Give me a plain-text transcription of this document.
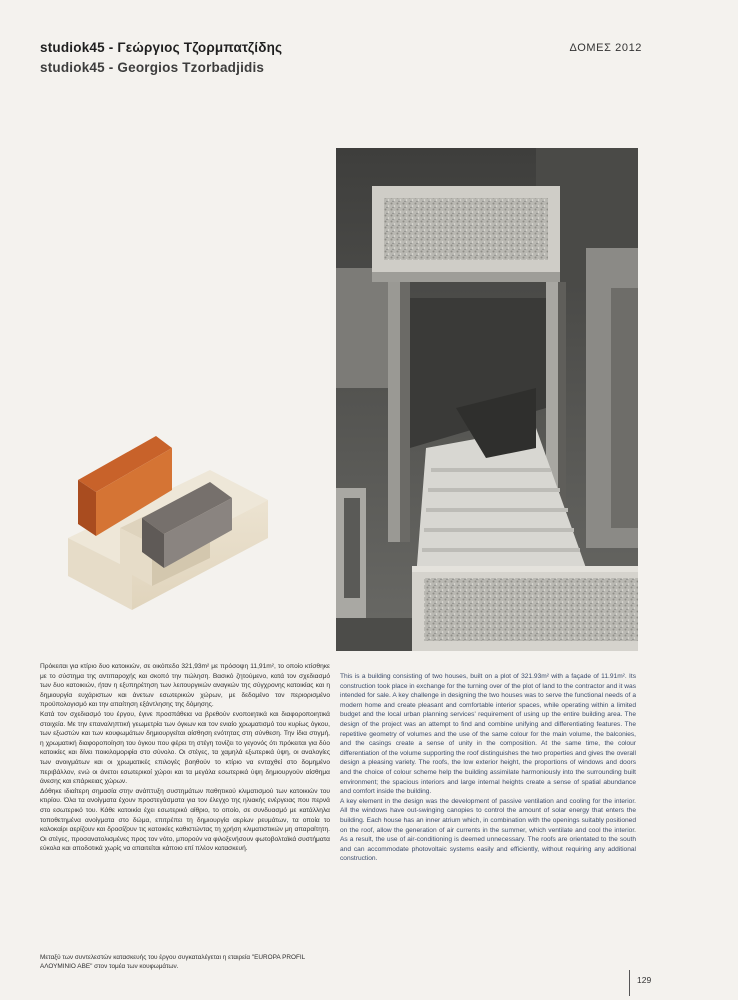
studiok45 - Γεώργιος Τζορμπατζίδης
studiok45 - Georgios Tzorbadjidis
ΔΟΜΕΣ 2012

Πρόκειται για κτίριο δυο κατοικιών, σε οικόπεδο 321,93m² με πρόσοψη 11,91m², το οποίο κτίσθηκε με το σύστημα της αντιπαροχής και σκοπό την πώληση. Βασικό ζητούμενο, κατά τον σχεδιασμό των δυο κατοικιών, ήταν η εξυπηρέτηση των λειτουργικών αναγκών της σύγχρονης κατοικίας και η δημιουργία ευχάριστων και άνετων εσωτερικών χώρων, με δεδομένο τον περιορισμένο προϋπολογισμό και την απαίτηση εξάντλησης της δόμησης.

Κατά τον σχεδιασμό του έργου, έγινε προσπάθεια να βρεθούν ενοποιητικά και διαφοροποιητικά στοιχεία. Με την επαναληπτική γεωμετρία των όγκων και τον ενιαίο χρωματισμό του κυρίως όγκου, των εξωστών και των κουφωμάτων δημιουργείται αίσθηση ενότητας στη σύνθεση. Την ίδια στιγμή, η χρωματική διαφοροποίηση του όγκου που φέρει τη στέγη τονίζει το γεγονός ότι πρόκειται για δύο κατοικίες και δίνει ποικιλομορφία στο σύνολο. Οι στέγες, τα χαμηλά εξωτερικά ύψη, οι αναλογίες των ανοιγμάτων και οι χρωματικές επιλογές βοηθούν το κτίριο να ενταχθεί στο δομημένο περιβάλλον, ενώ οι άνετοι εσωτερικοί χώροι και τα μεγάλα εσωτερικά ύψη δημιουργούν αίσθημα άνεσης και επάρκειας χώρων.

Δόθηκε ιδιαίτερη σημασία στην ανάπτυξη συστημάτων παθητικού κλιματισμού των κατοικιών του κτιρίου. Όλα τα ανοίγματα έχουν προστεγάσματα για τον έλεγχο της ηλιακής ενέργειας που περνά στο εσωτερικό του. Κάθε κατοικία έχει εσωτερικό αίθριο, το οποίο, σε συνδυασμό με κατάλληλα τοποθετημένα ανοίγματα στο δώμα, επιτρέπει τη δημιουργία αερίων ρευμάτων, τα οποία το καλοκαίρι αερίζουν και δροσίζουν τις κατοικίες καθιστώντας τη χρήση κλιματιστικών μη απαραίτητη. Οι στέγες, προσανατολισμένες προς τον νότο, μπορούν να φιλοξενήσουν φωτοβολταϊκά συστήματα εύκολα και αποδοτικά χωρίς να απαιτείται κάποιο επί πλέον κατασκευή.

Μεταξύ των συντελεστών κατασκευής του έργου συγκαταλέγεται η εταιρεία "EUROPA PROFIL ΑΛΟΥΜΙΝΙΟ ΑΒΕ" στον τομέα των κουφωμάτων.

This is a building consisting of two houses, built on a plot of 321.93m² with a façade of 11.91m². Its construction took place in exchange for the turning over of the plot of land to the contractor and it was intended for sale. A key challenge in designing the two houses was to serve the functional needs of a modern home and create pleasant and comfortable interior spaces, while operating within a limited budget and the local urban planning services' requirement of using up the entire building area. The design of the project was an attempt to find and combine unifying and differentiating features. The repetitive geometry of volumes and the use of the same colour for the main volume, the balconies, and the casings create a sense of unity in the composition. At the same time, the colour differentiation of the volume supporting the roof distinguishes the two properties and gives the overall design a pleasing variety. The roofs, the low exterior height, the proportions of windows and doors and the choice of colour scheme help the building assimilate harmoniously into the surrounding built environment; the spacious interiors and large internal heights create a sense of spatial abundance and comfort inside the building.

A key element in the design was the development of passive ventilation and cooling for the interior. All the windows have out-swinging canopies to control the amount of solar energy that enters the building. Each house has an inner atrium which, in combination with the openings suitably positioned on the roof, allow the generation of air currents in the summer, which ventilate and cool the interior. As a result, the use of air-conditioning is deemed unnecessary. The roofs are orientated to the south and can accommodate photovoltaic systems easily and efficiently, without requiring any additional construction.

129
